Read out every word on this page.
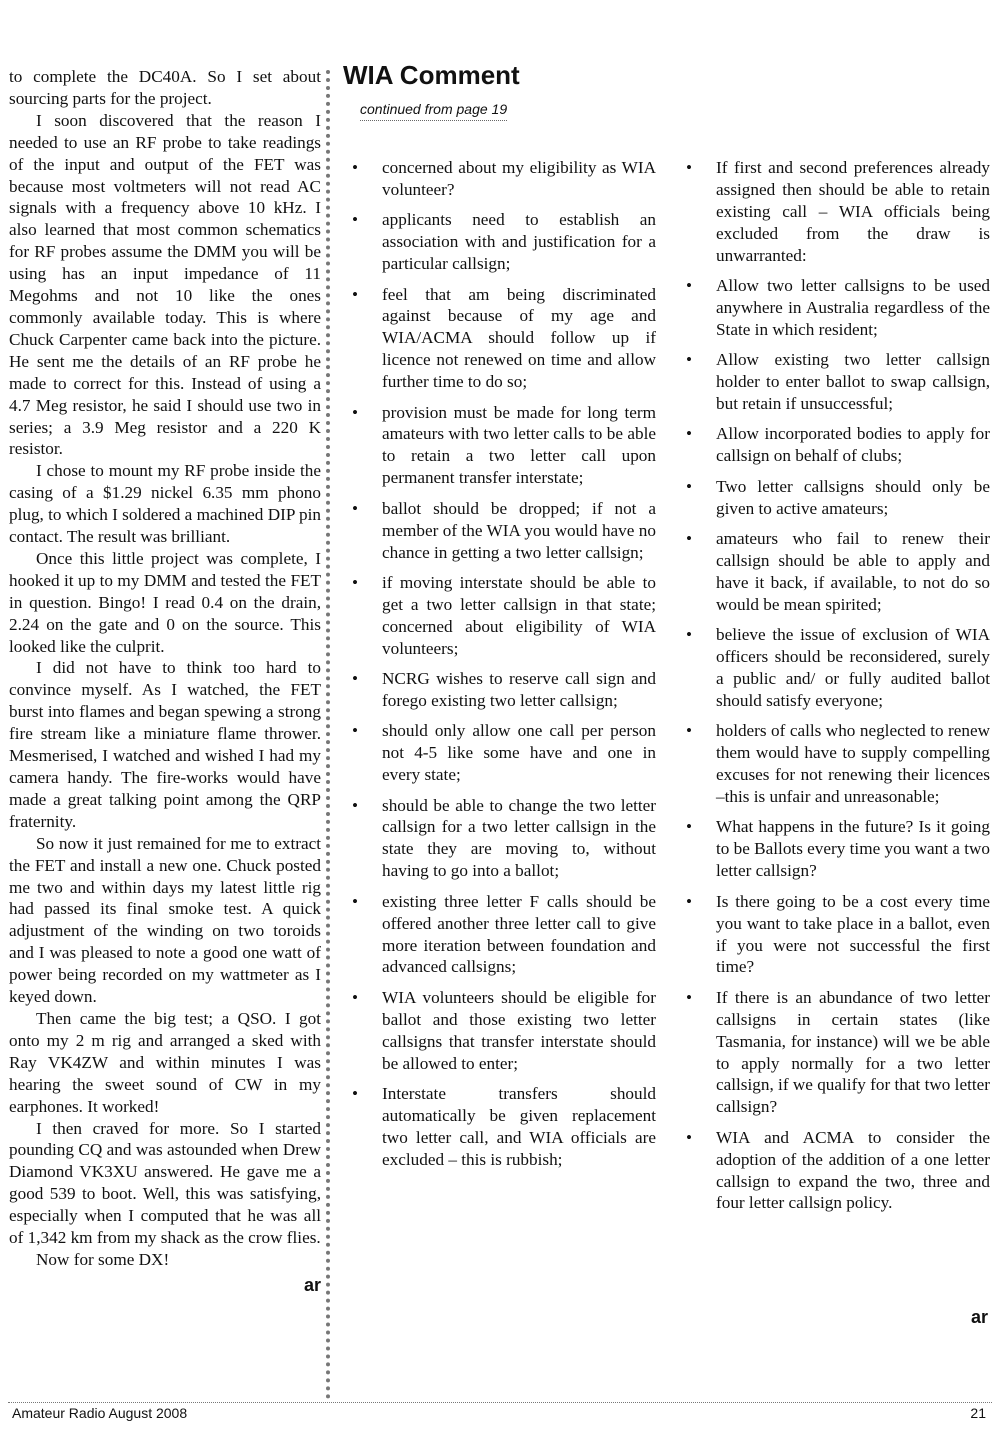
to complete the DC40A. So I set about sourcing parts for the project.

I soon discovered that the reason I needed to use an RF probe to take readings of the input and output of the FET was because most voltmeters will not read AC signals with a frequency above 10 kHz. I also learned that most common schematics for RF probes assume the DMM you will be using has an input impedance of 11 Megohms and not 10 like the ones commonly available today. This is where Chuck Carpenter came back into the picture. He sent me the details of an RF probe he made to correct for this. Instead of using a 4.7 Meg resistor, he said I should use two in series; a 3.9 Meg resistor and a 220 K resistor.

I chose to mount my RF probe inside the casing of a $1.29 nickel 6.35 mm phono plug, to which I soldered a machined DIP pin contact. The result was brilliant.

Once this little project was complete, I hooked it up to my DMM and tested the FET in question. Bingo! I read 0.4 on the drain, 2.24 on the gate and 0 on the source. This looked like the culprit.

I did not have to think too hard to convince myself. As I watched, the FET burst into flames and began spewing a strong fire stream like a miniature flame thrower. Mesmerised, I watched and wished I had my camera handy. The fire-works would have made a great talking point among the QRP fraternity.

So now it just remained for me to extract the FET and install a new one. Chuck posted me two and within days my latest little rig had passed its final smoke test. A quick adjustment of the winding on two toroids and I was pleased to note a good one watt of power being recorded on my wattmeter as I keyed down.

Then came the big test; a QSO. I got onto my 2 m rig and arranged a sked with Ray VK4ZW and within minutes I was hearing the sweet sound of CW in my earphones. It worked!

I then craved for more. So I started pounding CQ and was astounded when Drew Diamond VK3XU answered. He gave me a good 539 to boot. Well, this was satisfying, especially when I computed that he was all of 1,342 km from my shack as the crow flies.

Now for some DX!

ar
WIA Comment
continued from page 19
• concerned about my eligibility as WIA volunteer?
• applicants need to establish an association with and justification for a particular callsign;
• feel that am being discriminated against because of my age and WIA/ACMA should follow up if licence not renewed on time and allow further time to do so;
• provision must be made for long term amateurs with two letter calls to be able to retain a two letter call upon permanent transfer interstate;
• ballot should be dropped; if not a member of the WIA you would have no chance in getting a two letter callsign;
• if moving interstate should be able to get a two letter callsign in that state; concerned about eligibility of WIA volunteers;
• NCRG wishes to reserve call sign and forego existing two letter callsign;
• should only allow one call per person not 4-5 like some have and one in every state;
• should be able to change the two letter callsign for a two letter callsign in the state they are moving to, without having to go into a ballot;
• existing three letter F calls should be offered another three letter call to give more iteration between foundation and advanced callsigns;
• WIA volunteers should be eligible for ballot and those existing two letter callsigns that transfer interstate should be allowed to enter;
• Interstate transfers should automatically be given replacement two letter call, and WIA officials are excluded – this is rubbish;
• If first and second preferences already assigned then should be able to retain existing call – WIA officials being excluded from the draw is unwarranted:
• Allow two letter callsigns to be used anywhere in Australia regardless of the State in which resident;
• Allow existing two letter callsign holder to enter ballot to swap callsign, but retain if unsuccessful;
• Allow incorporated bodies to apply for callsign on behalf of clubs;
• Two letter callsigns should only be given to active amateurs;
• amateurs who fail to renew their callsign should be able to apply and have it back, if available, to not do so would be mean spirited;
• believe the issue of exclusion of WIA officers should be reconsidered, surely a public and/ or fully audited ballot should satisfy everyone;
• holders of calls who neglected to renew them would have to supply compelling excuses for not renewing their licences –this is unfair and unreasonable;
• What happens in the future? Is it going to be Ballots every time you want a two letter callsign?
• Is there going to be a cost every time you want to take place in a ballot, even if you were not successful the first time?
• If there is an abundance of two letter callsigns in certain states (like Tasmania, for instance) will we be able to apply normally for a two letter callsign, if we qualify for that two letter callsign?
• WIA and ACMA to consider the adoption of the addition of a one letter callsign to expand the two, three and four letter callsign policy.
ar
Amateur Radio August 2008	21
